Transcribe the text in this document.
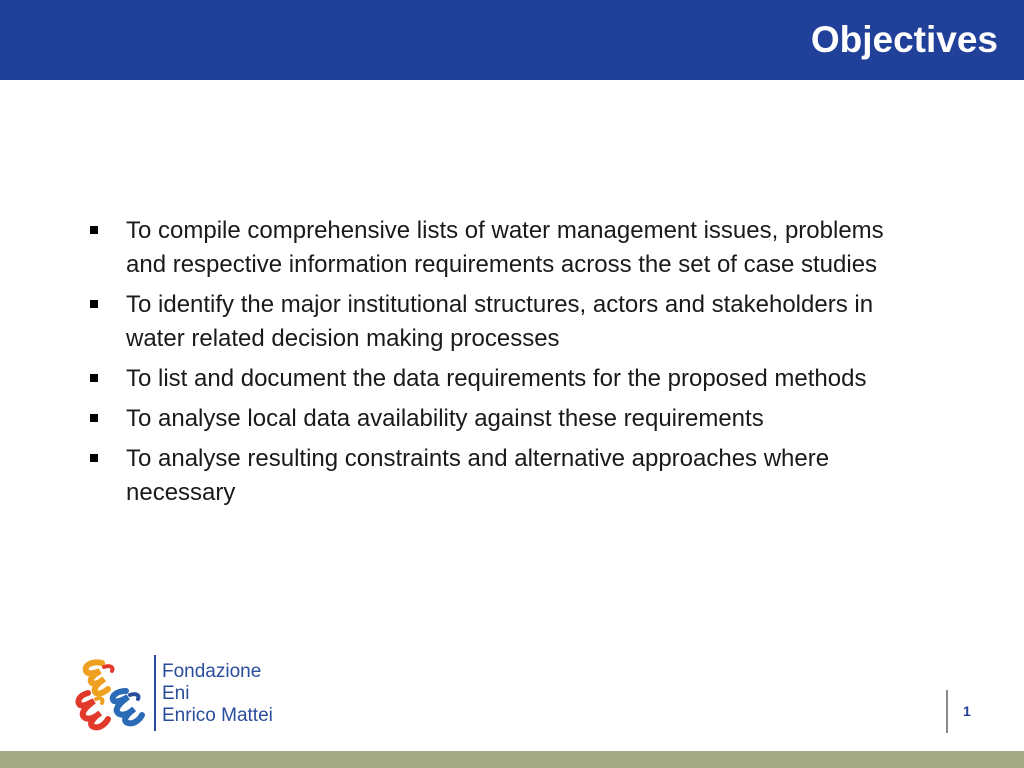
Objectives
To compile comprehensive lists of water management issues, problems and respective information requirements across the set of case studies
To identify the major institutional structures, actors and stakeholders in water related decision making processes
To list and document the data requirements for the proposed methods
To analyse local data availability against these requirements
To analyse resulting constraints and alternative approaches where necessary
Fondazione
Eni
Enrico Mattei	1
